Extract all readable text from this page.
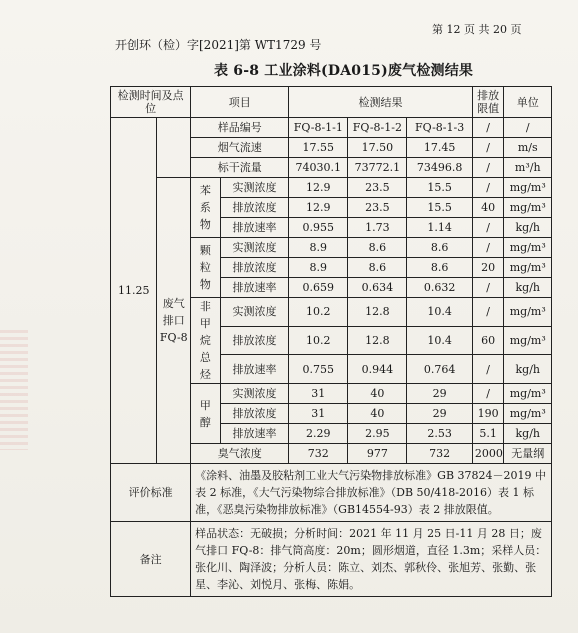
开创环（检）字[2021]第 WT1729 号
第 12 页 共 20 页
表 6-8 工业涂料(DA015)废气检测结果
检测时间及点位		项目		检测结果			排放限值	单位
11.25		样品编号		FQ-8-1-1	FQ-8-1-2	FQ-8-1-3	/	/
		烟气流速		17.55	17.50	17.45	/	m/s
		标干流量		74030.1	73772.1	73496.8	/	m³/h
	废气排口FQ-8	苯系物	实测浓度	12.9	23.5	15.5	/	mg/m³
			排放浓度	12.9	23.5	15.5	40	mg/m³
			排放速率	0.955	1.73	1.14	/	kg/h
		颗粒物	实测浓度	8.9	8.6	8.6	/	mg/m³
			排放浓度	8.9	8.6	8.6	20	mg/m³
			排放速率	0.659	0.634	0.632	/	kg/h
		非甲烷总烃	实测浓度	10.2	12.8	10.4	/	mg/m³
			排放浓度	10.2	12.8	10.4	60	mg/m³
			排放速率	0.755	0.944	0.764	/	kg/h
		甲醇	实测浓度	31	40	29	/	mg/m³
			排放浓度	31	40	29	190	mg/m³
			排放速率	2.29	2.95	2.53	5.1	kg/h
		臭气浓度		732	977	732	2000	无量纲
评价标准		《涂料、油墨及胶粘剂工业大气污染物排放标准》GB 37824－2019 中表 2 标准，《大气污染物综合排放标准》（DB 50/418-2016）表 1 标准，《恶臭污染物排放标准》（GB14554-93）表 2 排放限值。						
备注		样品状态：无破损；分析时间：2021 年 11 月 25 日-11 月 28 日；废气排口 FQ-8：排气筒高度：20m；圆形烟道，直径 1.3m；采样人员：张化川、陶泽波；分析人员：陈立、刘杰、郭秋伶、张旭芳、张勤、张星、李沁、刘悦月、张梅、陈娟。						
